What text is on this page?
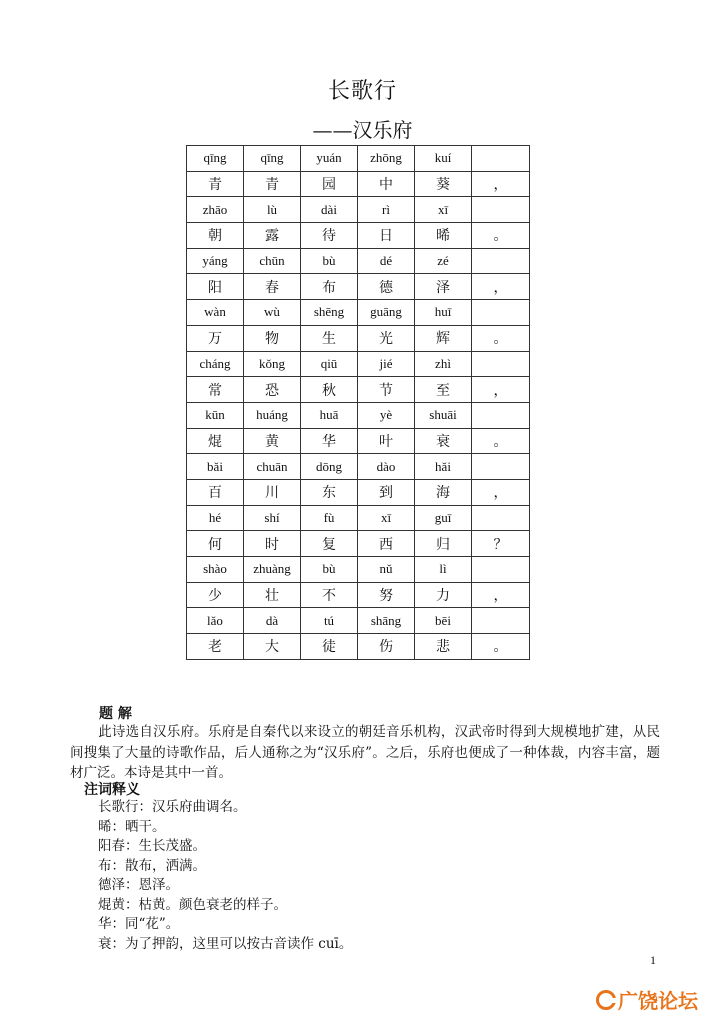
长歌行
——汉乐府
qīng	qīng	yuán	zhōng	kuí	
青	青	园	中	葵	，
zhāo	lù	dài	rì	xī	
朝	露	待	日	晞	。
yáng	chūn	bù	dé	zé	
阳	春	布	德	泽	，
wàn	wù	shēng	guāng	huī	
万	物	生	光	辉	。
cháng	kǒng	qiū	jié	zhì	
常	恐	秋	节	至	，
kūn	huáng	huā	yè	shuāi	
焜	黄	华	叶	衰	。
bǎi	chuān	dōng	dào	hǎi	
百	川	东	到	海	，
hé	shí	fù	xī	guī	
何	时	复	西	归	？
shào	zhuàng	bù	nǔ	lì	
少	壮	不	努	力	，
lǎo	dà	tú	shāng	bēi	
老	大	徒	伤	悲	。
题 解
此诗选自汉乐府。乐府是自秦代以来设立的朝廷音乐机构，汉武帝时得到大规模地扩建，从民间搜集了大量的诗歌作品，后人通称之为“汉乐府”。之后，乐府也便成了一种体裁，内容丰富，题材广泛。本诗是其中一首。
注词释义
长歌行：汉乐府曲调名。
晞：晒干。
阳春：生长茂盛。
布：散布，洒满。
德泽：恩泽。
焜黄：枯黄。颜色衰老的样子。
华：同“花”。
衰：为了押韵，这里可以按古音读作 cuī。
1
广饶论坛
